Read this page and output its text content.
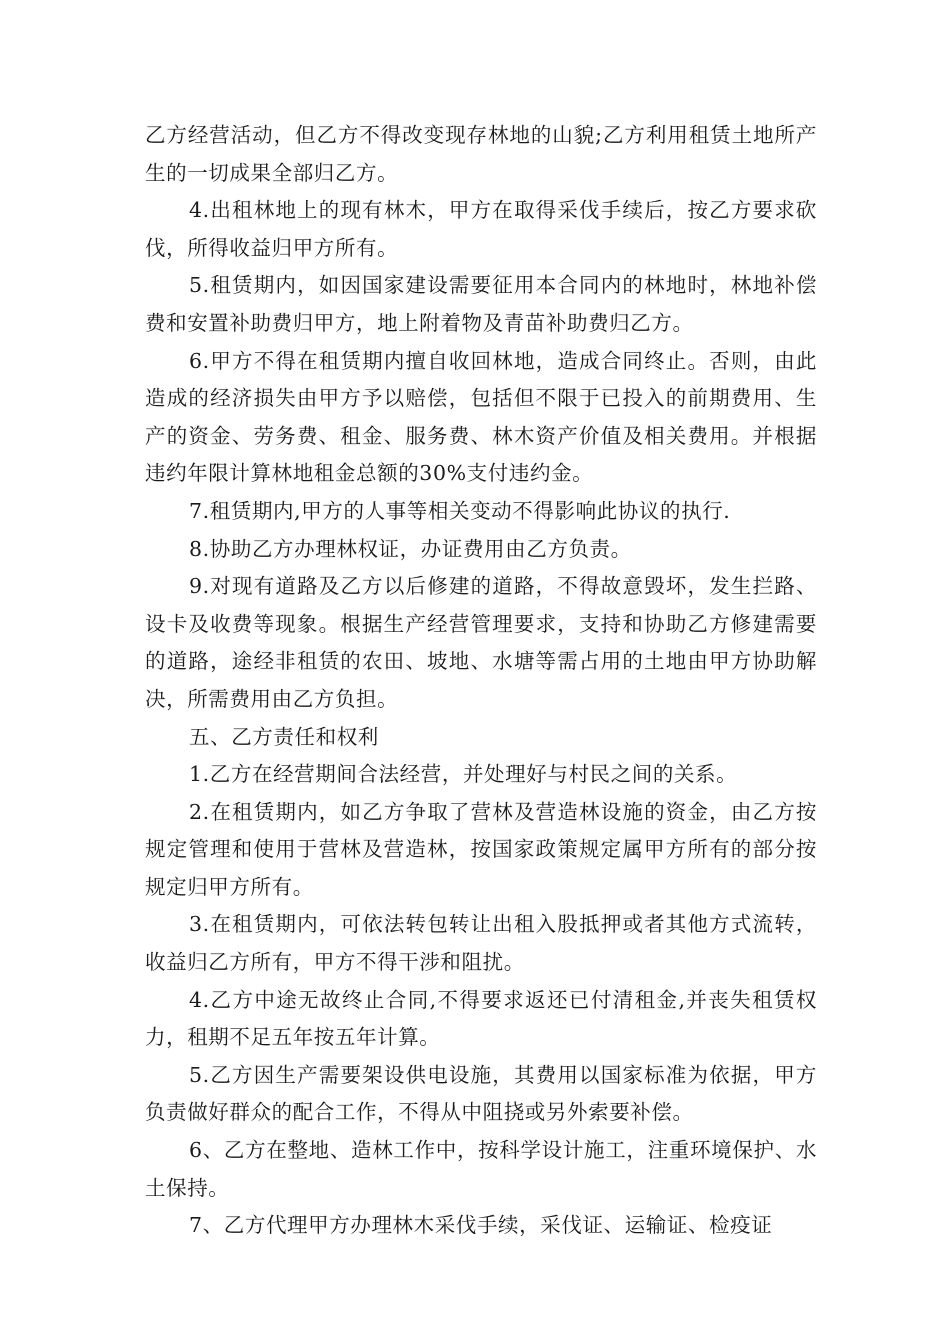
乙方经营活动，但乙方不得改变现存林地的山貌;乙方利用租赁土地所产生的一切成果全部归乙方。

4.出租林地上的现有林木，甲方在取得采伐手续后，按乙方要求砍伐，所得收益归甲方所有。

5.租赁期内，如因国家建设需要征用本合同内的林地时，林地补偿费和安置补助费归甲方，地上附着物及青苗补助费归乙方。

6.甲方不得在租赁期内擅自收回林地，造成合同终止。否则，由此造成的经济损失由甲方予以赔偿，包括但不限于已投入的前期费用、生产的资金、劳务费、租金、服务费、林木资产价值及相关费用。并根据违约年限计算林地租金总额的30%支付违约金。

7.租赁期内,甲方的人事等相关变动不得影响此协议的执行.

8.协助乙方办理林权证，办证费用由乙方负责。

9.对现有道路及乙方以后修建的道路，不得故意毁坏，发生拦路、设卡及收费等现象。根据生产经营管理要求，支持和协助乙方修建需要的道路，途经非租赁的农田、坡地、水塘等需占用的土地由甲方协助解决，所需费用由乙方负担。

五、乙方责任和权利

1.乙方在经营期间合法经营，并处理好与村民之间的关系。

2.在租赁期内，如乙方争取了营林及营造林设施的资金，由乙方按规定管理和使用于营林及营造林，按国家政策规定属甲方所有的部分按规定归甲方所有。

3.在租赁期内，可依法转包转让出租入股抵押或者其他方式流转，收益归乙方所有，甲方不得干涉和阻扰。

4.乙方中途无故终止合同,不得要求返还已付清租金,并丧失租赁权力，租期不足五年按五年计算。

5.乙方因生产需要架设供电设施，其费用以国家标准为依据，甲方负责做好群众的配合工作，不得从中阻挠或另外索要补偿。

6、乙方在整地、造林工作中，按科学设计施工，注重环境保护、水土保持。

7、乙方代理甲方办理林木采伐手续，采伐证、运输证、检疫证
